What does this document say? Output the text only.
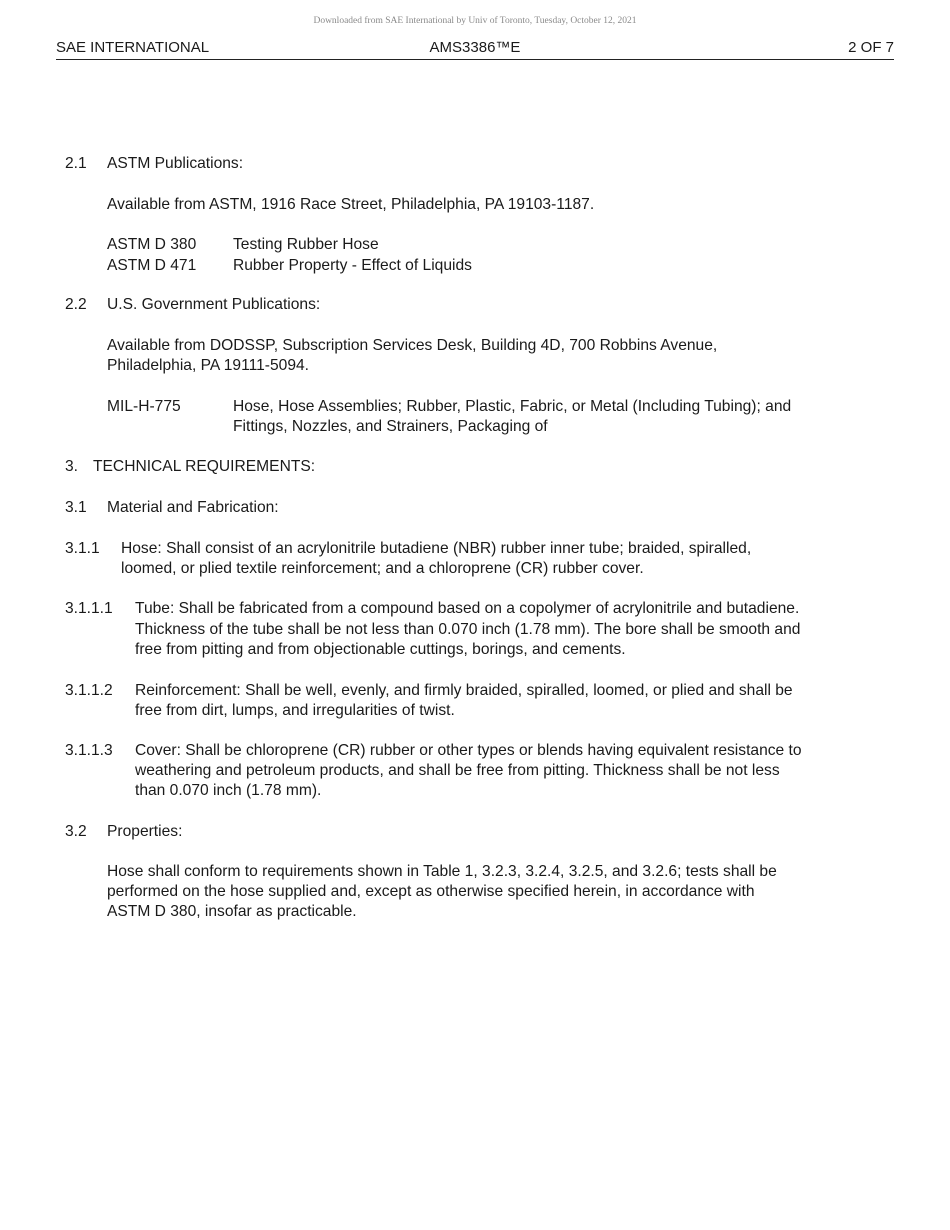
Downloaded from SAE International by Univ of Toronto, Tuesday, October 12, 2021
SAE INTERNATIONAL	AMS3386™E	2 OF 7
2.1 ASTM Publications:
Available from ASTM, 1916 Race Street, Philadelphia, PA 19103-1187.
ASTM D 380 Testing Rubber Hose
ASTM D 471 Rubber Property - Effect of Liquids
2.2 U.S. Government Publications:
Available from DODSSP, Subscription Services Desk, Building 4D, 700 Robbins Avenue,
Philadelphia, PA 19111-5094.
MIL-H-775	Hose, Hose Assemblies; Rubber, Plastic, Fabric, or Metal (Including Tubing); and
Fittings, Nozzles, and Strainers, Packaging of
3. TECHNICAL REQUIREMENTS:
3.1 Material and Fabrication:
3.1.1 Hose: Shall consist of an acrylonitrile butadiene (NBR) rubber inner tube; braided, spiralled,
loomed, or plied textile reinforcement; and a chloroprene (CR) rubber cover.
3.1.1.1 Tube: Shall be fabricated from a compound based on a copolymer of acrylonitrile and butadiene.
Thickness of the tube shall be not less than 0.070 inch (1.78 mm). The bore shall be smooth and
free from pitting and from objectionable cuttings, borings, and cements.
3.1.1.2 Reinforcement: Shall be well, evenly, and firmly braided, spiralled, loomed, or plied and shall be
free from dirt, lumps, and irregularities of twist.
3.1.1.3 Cover: Shall be chloroprene (CR) rubber or other types or blends having equivalent resistance to
weathering and petroleum products, and shall be free from pitting. Thickness shall be not less
than 0.070 inch (1.78 mm).
3.2 Properties:
Hose shall conform to requirements shown in Table 1, 3.2.3, 3.2.4, 3.2.5, and 3.2.6; tests shall be
performed on the hose supplied and, except as otherwise specified herein, in accordance with
ASTM D 380, insofar as practicable.
